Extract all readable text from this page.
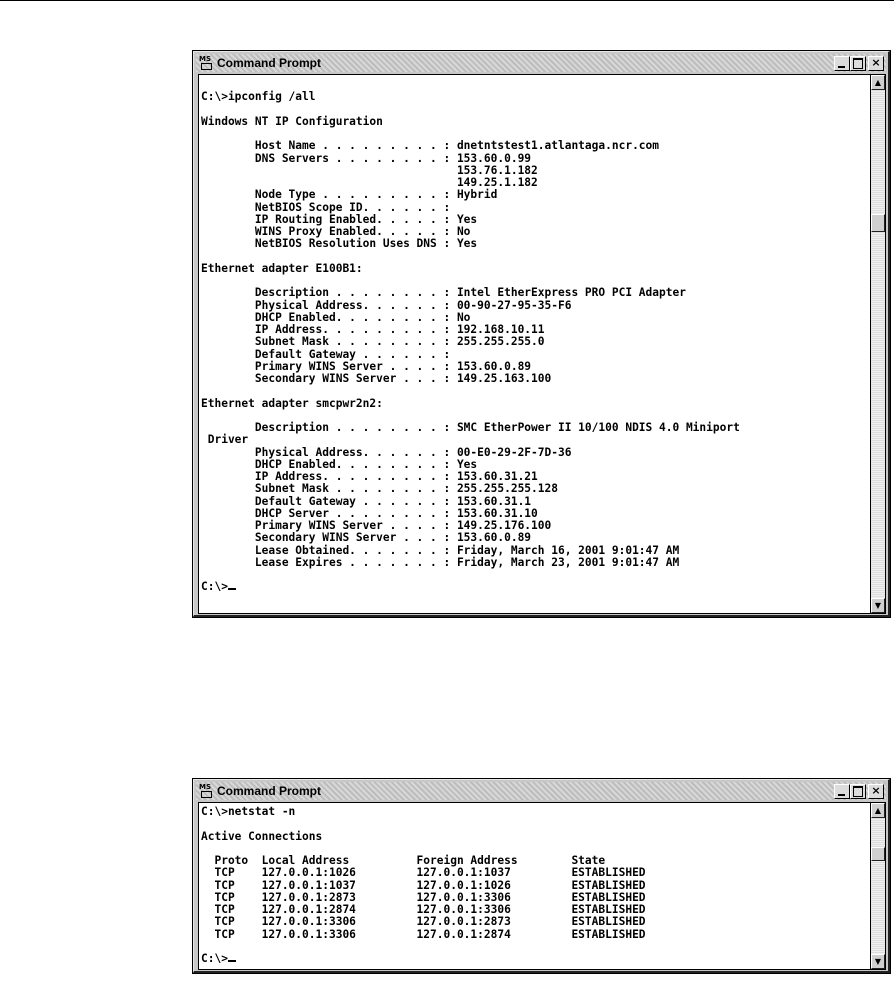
MS Command Prompt	×

C:\>ipconfig /all

Windows NT IP Configuration

Host Name . . . . . . . . . : dnetntstest1.atlantaga.ncr.com
DNS Servers . . . . . . . . : 153.60.0.99
153.76.1.182
149.25.1.182
Node Type . . . . . . . . . : Hybrid
NetBIOS Scope ID. . . . . . :
IP Routing Enabled. . . . . : Yes
WINS Proxy Enabled. . . . . : No
NetBIOS Resolution Uses DNS : Yes

Ethernet adapter E100B1:

Description . . . . . . . . : Intel EtherExpress PRO PCI Adapter
Physical Address. . . . . . : 00-90-27-95-35-F6
DHCP Enabled. . . . . . . . : No
IP Address. . . . . . . . . : 192.168.10.11
Subnet Mask . . . . . . . . : 255.255.255.0
Default Gateway . . . . . . :
Primary WINS Server . . . . : 153.60.0.89
Secondary WINS Server . . . : 149.25.163.100

Ethernet adapter smcpwr2n2:

Description . . . . . . . . : SMC EtherPower II 10/100 NDIS 4.0 Miniport
Driver
Physical Address. . . . . . : 00-E0-29-2F-7D-36
DHCP Enabled. . . . . . . . : Yes
IP Address. . . . . . . . . : 153.60.31.21
Subnet Mask . . . . . . . . : 255.255.255.128
Default Gateway . . . . . . : 153.60.31.1
DHCP Server . . . . . . . . : 153.60.31.10
Primary WINS Server . . . . : 149.25.176.100
Secondary WINS Server . . . : 153.60.0.89
Lease Obtained. . . . . . . : Friday, March 16, 2001 9:01:47 AM
Lease Expires . . . . . . . : Friday, March 23, 2001 9:01:47 AM

C:\>
▲
▼
MS Command Prompt	×
C:\>netstat -n

Active Connections

Proto  Local Address          Foreign Address        State
TCP    127.0.0.1:1026         127.0.0.1:1037         ESTABLISHED
TCP    127.0.0.1:1037         127.0.0.1:1026         ESTABLISHED
TCP    127.0.0.1:2873         127.0.0.1:3306         ESTABLISHED
TCP    127.0.0.1:2874         127.0.0.1:3306         ESTABLISHED
TCP    127.0.0.1:3306         127.0.0.1:2873         ESTABLISHED
TCP    127.0.0.1:3306         127.0.0.1:2874         ESTABLISHED

C:\>
▲
▼
